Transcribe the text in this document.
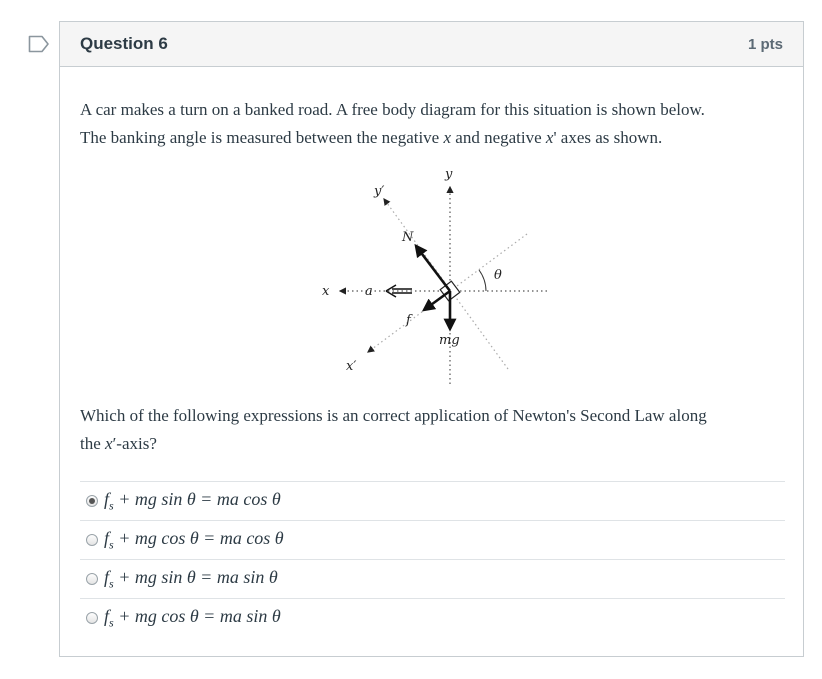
Question 6	1 pts

A car makes a turn on a banked road. A free body diagram for this situation is shown below.

The banking angle is measured between the negative x and negative x' axes as shown.

y
y′
N
θ
x	a
f
mg
x′

Which of the following expressions is an correct application of Newton's Second Law along

the x′-axis?

$f_s$ + mg sin θ = ma cos θ
$f_s$ + mg cos θ = ma cos θ
$f_s$ + mg sin θ = ma sin θ
$f_s$ + mg cos θ = ma sin θ
